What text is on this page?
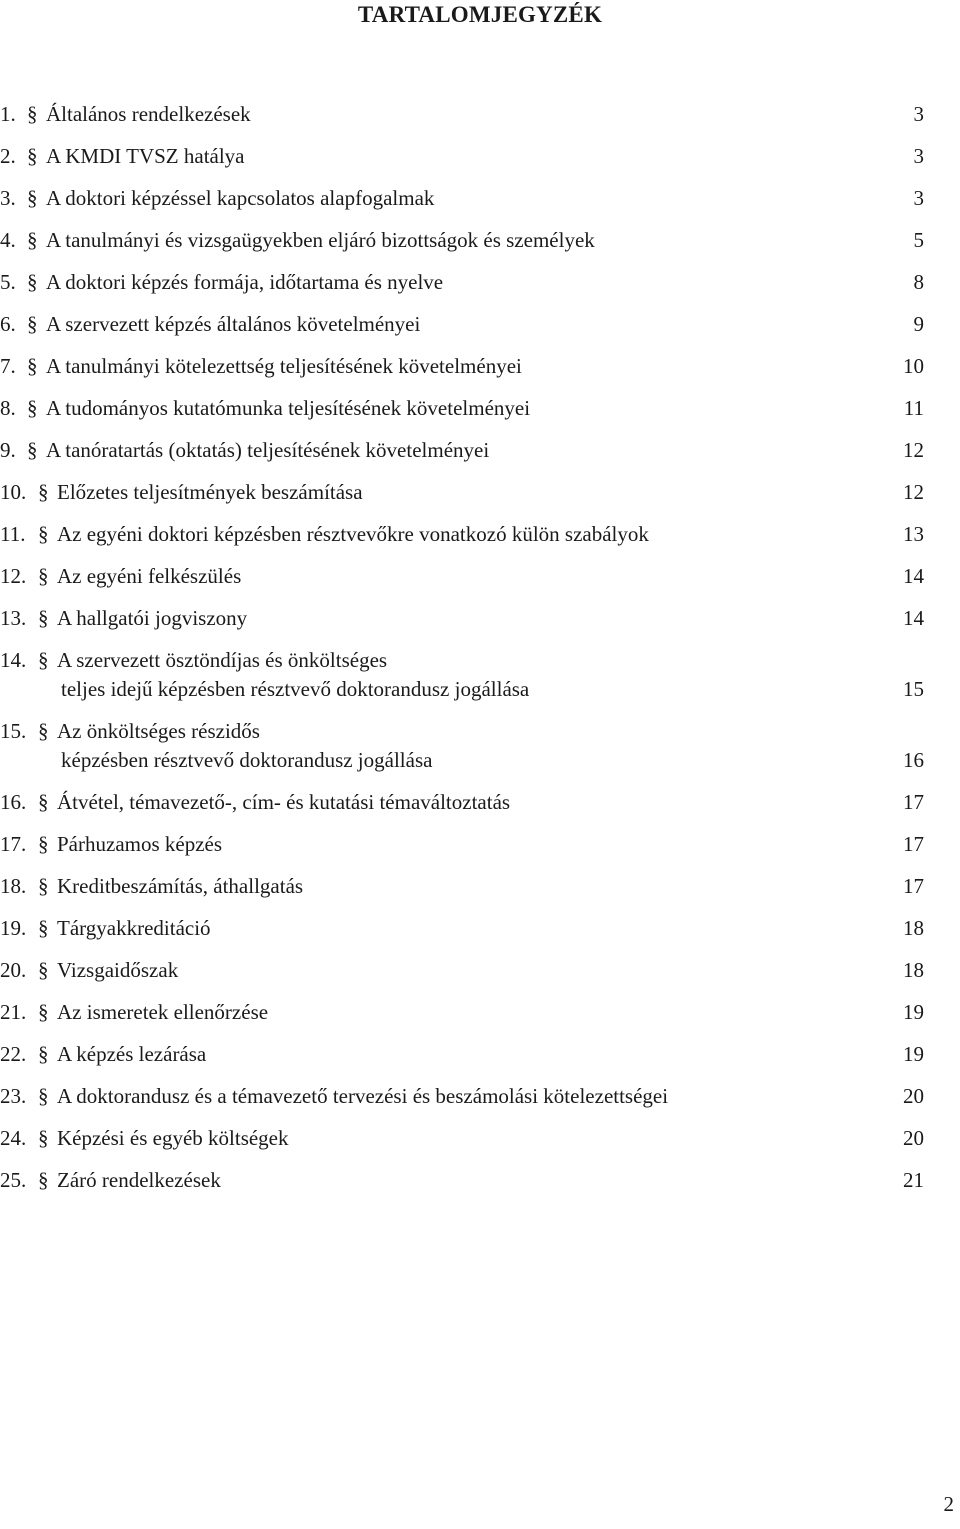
TARTALOMJEGYZÉK
1. § Általános rendelkezések	3
2. § A KMDI TVSZ hatálya	3
3. § A doktori képzéssel kapcsolatos alapfogalmak	3
4. § A tanulmányi és vizsgaügyekben eljáró bizottságok és személyek	5
5. § A doktori képzés formája, időtartama és nyelve	8
6. § A szervezett képzés általános követelményei	9
7. § A tanulmányi kötelezettség teljesítésének követelményei	10
8. § A tudományos kutatómunka teljesítésének követelményei	11
9. § A tanóratartás (oktatás) teljesítésének követelményei	12
10. § Előzetes teljesítmények beszámítása	12
11. § Az egyéni doktori képzésben résztvevőkre vonatkozó külön szabályok	13
12. § Az egyéni felkészülés	14
13. § A hallgatói jogviszony	14
14. § A szervezett ösztöndíjas és önköltséges
teljes idejű képzésben résztvevő doktorandusz jogállása	15
15. § Az önköltséges részidős
képzésben résztvevő doktorandusz jogállása	16
16. § Átvétel, témavezető-, cím- és kutatási témaváltoztatás	17
17. § Párhuzamos képzés	17
18. § Kreditbeszámítás, áthallgatás	17
19. § Tárgyakkreditáció	18
20. § Vizsgaidőszak	18
21. § Az ismeretek ellenőrzése	19
22. § A képzés lezárása	19
23. § A doktorandusz és a témavezető tervezési és beszámolási kötelezettségei	20
24. § Képzési és egyéb költségek	20
25. § Záró rendelkezések	21
2
